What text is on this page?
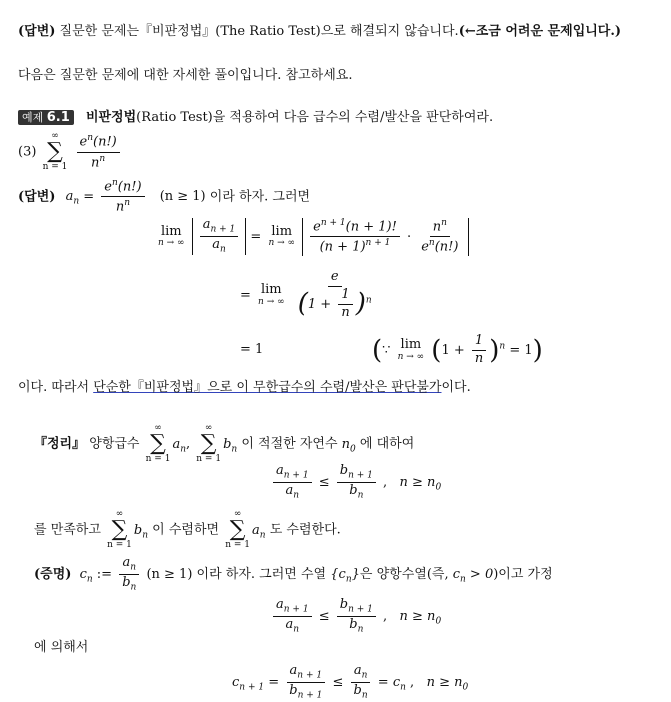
(답변) 질문한 문제는『비판정법』(The Ratio Test)으로 해결되지 않습니다.(←조금 어려운 문제입니다.)
다음은 질문한 문제에 대한 자세한 풀이입니다. 참고하세요.
예제 6.1 비판정법(Ratio Test)을 적용하여 다음 급수의 수렴/발산을 판단하여라.
(3)
∞
∑
n = 1
$\frac{e^n(n!)}{n^n}$
(답변) $a_n = \frac{e^n(n!)}{n^n} (n \ge 1)$ 이라 하자. 그러면
lim
n → ∞
$\frac{a_{n + 1}}{a_n} = \lim$
n → ∞
$\frac{e^{n + 1}(n + 1)!}{(n + 1)^{n + 1}} \cdot \frac{n^n}{e^n(n!)}$
= lim
n → ∞
$\frac{e}{(1 + \frac{1}{n} )^n}$
= 1	(∵ lim
n → ∞ $(1 + \frac{1}{n} )^n = 1$)
이다. 따라서 단순한『비판정법』으로 이 무한급수의 수렴/발산은 판단불가이다.
『정리』 양항급수
∞
∑
n = 1
$a_n$,
∞
∑
n = 1
$b_n$ 이 적절한 자연수 $n_0$ 에 대하여
$\frac{a_{n + 1}}{a_n} \le \frac{b_{n + 1}}{b_n}$ ,   $n \ge n_0$
를 만족하고
∞
∑
n = 1
$b_n$ 이 수렴하면
∞
∑
n = 1
$a_n$ 도 수렴한다.
(증명) $c_n$ := $\frac{a_n}{b_n} (n \ge 1)$ 이라 하자. 그러면 수열 $\{c_n\}$은 양항수열(즉, $c_n > 0$)이고 가정
$\frac{a_{n + 1}}{a_n} \le \frac{b_{n + 1}}{b_n}$ ,   $n \ge n_0$
에 의해서
$c_{n + 1} = \frac{a_{n + 1}}{b_{n + 1}} \le \frac{a_n}{b_n} = c_n$ ,   $n \ge n_0$
